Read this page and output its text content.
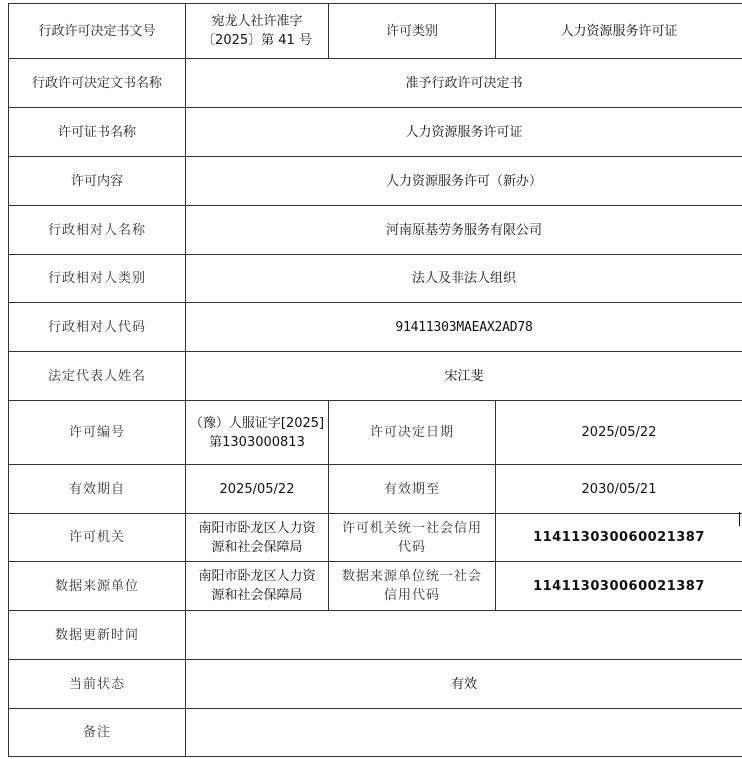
行政许可决定书文号	宛龙人社许准字〔2025〕第 41 号	许可类别	人力资源服务许可证
行政许可决定文书名称	准予行政许可决定书		
许可证书名称	人力资源服务许可证		
许可内容	人力资源服务许可（新办）		
行政相对人名称	河南原基劳务服务有限公司		
行政相对人类别	法人及非法人组织		
行政相对人代码	91411303MAEAX2AD78		
法定代表人姓名	宋江斐		
许可编号	（豫）人服证字[2025]第1303000813	许可决定日期	2025/05/22
有效期自	2025/05/22	有效期至	2030/05/21
许可机关	南阳市卧龙区人力资源和社会保障局	许可机关统一社会信用代码	114113030060021387
数据来源单位	南阳市卧龙区人力资源和社会保障局	数据来源单位统一社会信用代码	114113030060021387
数据更新时间			
当前状态	有效		
备注			
